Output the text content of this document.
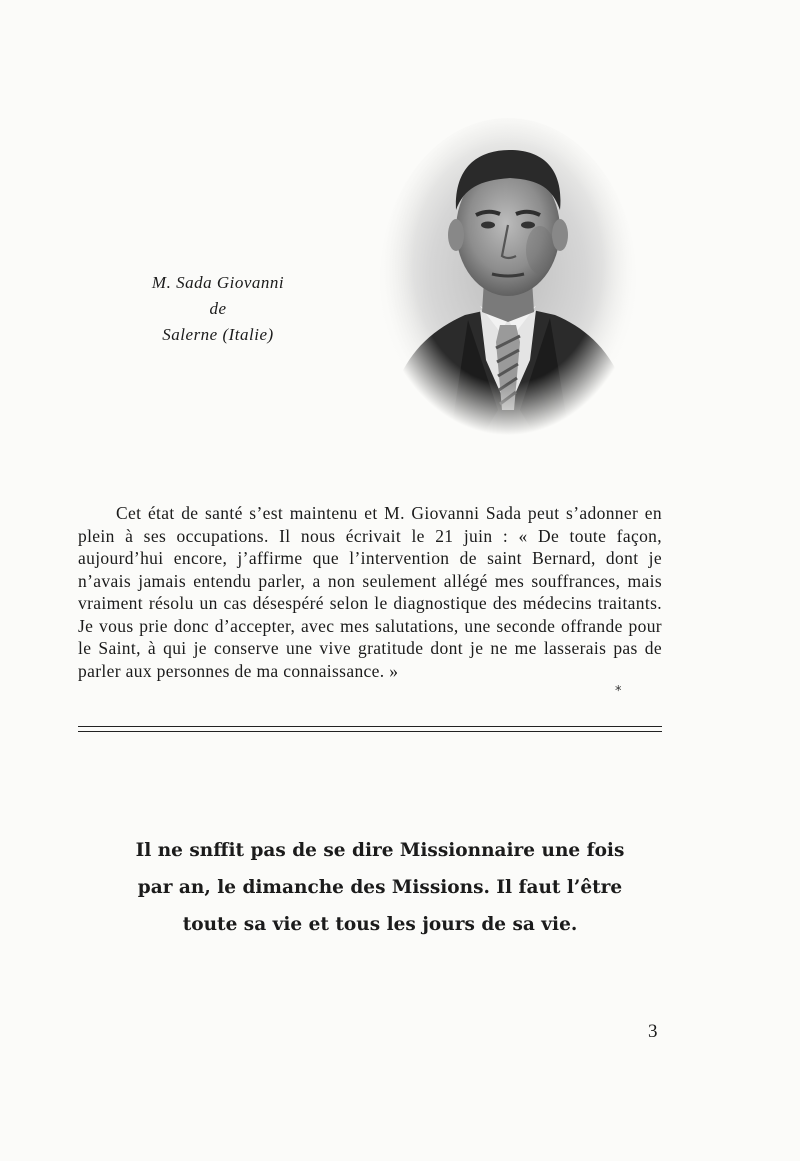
M. Sada Giovanni
de
Salerne (Italie)

Cet état de santé s’est maintenu et M. Giovanni Sada peut s’adonner en plein à ses occupations. Il nous écrivait le 21 juin : « De toute façon, aujourd’hui encore, j’affirme que l’intervention de saint Bernard, dont je n’avais jamais entendu parler, a non seulement allégé mes souffrances, mais vraiment résolu un cas désespéré selon le diagnostique des médecins traitants. Je vous prie donc d’accepter, avec mes salutations, une seconde offrande pour le Saint, à qui je conserve une vive gratitude dont je ne me lasserais pas de parler aux personnes de ma connaissance. »

*
Il ne snffit pas de se dire Missionnaire une fois
par an, le dimanche des Missions. Il faut l’être
toute sa vie et tous les jours de sa vie.
3
